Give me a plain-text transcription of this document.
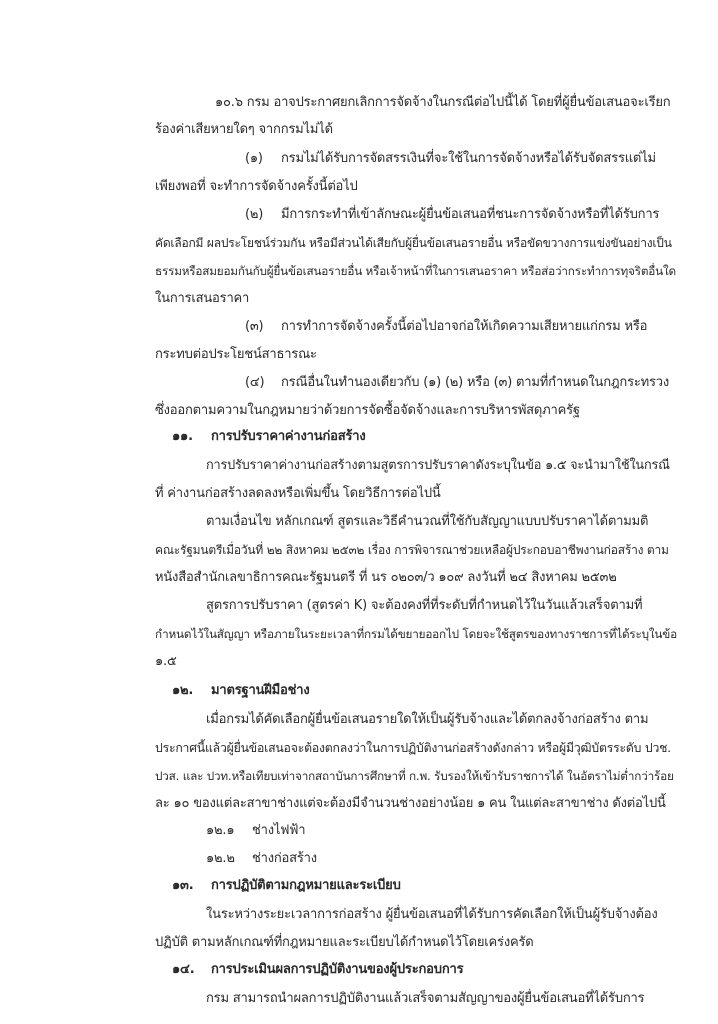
๑๐.๖ กรม อาจประกาศยกเลิกการจัดจ้างในกรณีต่อไปนี้ได้ โดยที่ผู้ยื่นข้อเสนอจะเรียก
ร้องค่าเสียหายใดๆ จากกรมไม่ได้
(๑) กรมไม่ได้รับการจัดสรรเงินที่จะใช้ในการจัดจ้างหรือได้รับจัดสรรแต่ไม่
เพียงพอที่ จะทำการจัดจ้างครั้งนี้ต่อไป
(๒) มีการกระทำที่เข้าลักษณะผู้ยื่นข้อเสนอที่ชนะการจัดจ้างหรือที่ได้รับการ
คัดเลือกมี ผลประโยชน์ร่วมกัน หรือมีส่วนได้เสียกับผู้ยื่นข้อเสนอรายอื่น หรือขัดขวางการแข่งขันอย่างเป็น
ธรรมหรือสมยอมกันกับผู้ยื่นข้อเสนอรายอื่น หรือเจ้าหน้าที่ในการเสนอราคา หรือส่อว่ากระทำการทุจริตอื่นใด
ในการเสนอราคา
(๓) การทำการจัดจ้างครั้งนี้ต่อไปอาจก่อให้เกิดความเสียหายแก่กรม หรือ
กระทบต่อประโยชน์สาธารณะ
(๔) กรณีอื่นในทำนองเดียวกับ (๑) (๒) หรือ (๓) ตามที่กำหนดในกฎกระทรวง
ซึ่งออกตามความในกฎหมายว่าด้วยการจัดซื้อจัดจ้างและการบริหารพัสดุภาครัฐ
๑๑. การปรับราคาค่างานก่อสร้าง
การปรับราคาค่างานก่อสร้างตามสูตรการปรับราคาดังระบุในข้อ ๑.๕ จะนำมาใช้ในกรณี
ที่ ค่างานก่อสร้างลดลงหรือเพิ่มขึ้น โดยวิธีการต่อไปนี้
ตามเงื่อนไข หลักเกณฑ์ สูตรและวิธีคำนวณที่ใช้กับสัญญาแบบปรับราคาได้ตามมติ
คณะรัฐมนตรีเมื่อวันที่ ๒๒ สิงหาคม ๒๕๓๒ เรื่อง การพิจารณาช่วยเหลือผู้ประกอบอาชีพงานก่อสร้าง ตาม
หนังสือสำนักเลขาธิการคณะรัฐมนตรี ที่ นร ๐๒๐๓/ว ๑๐๙ ลงวันที่ ๒๔ สิงหาคม ๒๕๓๒
สูตรการปรับราคา (สูตรค่า K) จะต้องคงที่ที่ระดับที่กำหนดไว้ในวันแล้วเสร็จตามที่
กำหนดไว้ในสัญญา หรือภายในระยะเวลาที่กรมได้ขยายออกไป โดยจะใช้สูตรของทางราชการที่ได้ระบุในข้อ
๑.๕
๑๒. มาตรฐานฝีมือช่าง
เมื่อกรมได้คัดเลือกผู้ยื่นข้อเสนอรายใดให้เป็นผู้รับจ้างและได้ตกลงจ้างก่อสร้าง ตาม
ประกาศนี้แล้วผู้ยื่นข้อเสนอจะต้องตกลงว่าในการปฏิบัติงานก่อสร้างดังกล่าว หรือผู้มีวุฒิบัตรระดับ ปวช.
ปวส. และ ปวท.หรือเทียบเท่าจากสถาบันการศึกษาที่ ก.พ. รับรองให้เข้ารับราชการได้ ในอัตราไม่ต่ำกว่าร้อย
ละ ๑๐ ของแต่ละสาขาช่างแต่จะต้องมีจำนวนช่างอย่างน้อย ๑ คน ในแต่ละสาขาช่าง ดังต่อไปนี้
๑๒.๑ ช่างไฟฟ้า
๑๒.๒ ช่างก่อสร้าง
๑๓. การปฏิบัติตามกฎหมายและระเบียบ
ในระหว่างระยะเวลาการก่อสร้าง ผู้ยื่นข้อเสนอที่ได้รับการคัดเลือกให้เป็นผู้รับจ้างต้อง
ปฏิบัติ ตามหลักเกณฑ์ที่กฎหมายและระเบียบได้กำหนดไว้โดยเคร่งครัด
๑๔. การประเมินผลการปฏิบัติงานของผู้ประกอบการ
กรม สามารถนำผลการปฏิบัติงานแล้วเสร็จตามสัญญาของผู้ยื่นข้อเสนอที่ได้รับการ
